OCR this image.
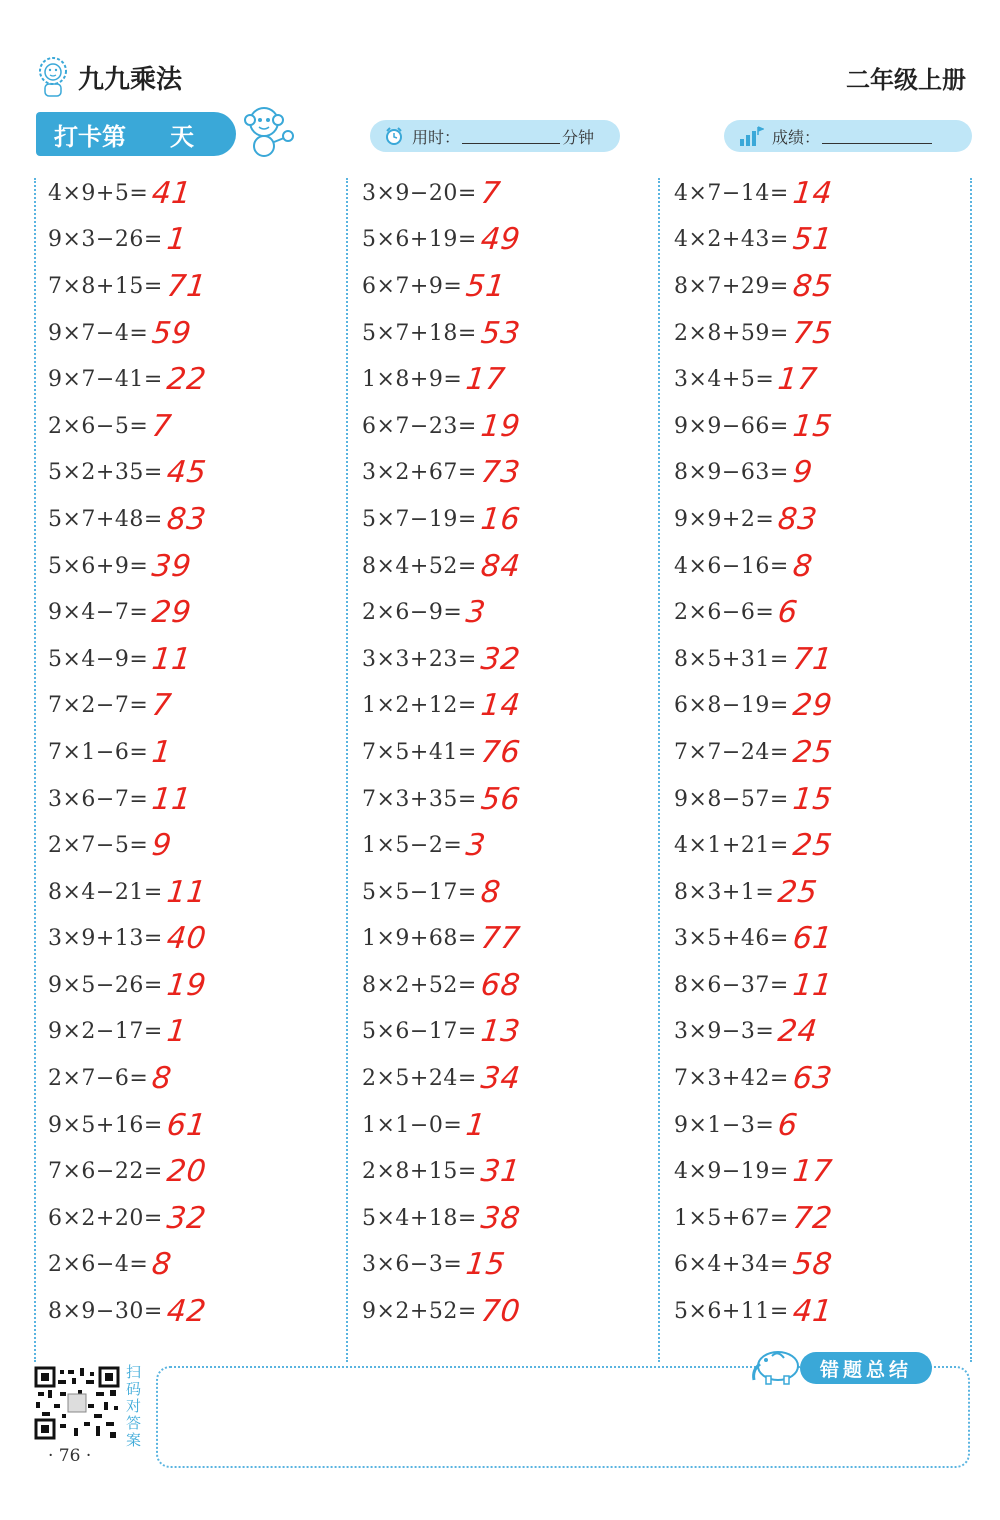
九九乘法	二年级上册
打卡第 天	用时：	分钟	成绩：
4×9+5= 41
9×3−26= 1
7×8+15= 71
9×7−4= 59
9×7−41= 22
2×6−5= 7
5×2+35= 45
5×7+48= 83
5×6+9= 39
9×4−7= 29
5×4−9= 11
7×2−7= 7
7×1−6= 1
3×6−7= 11
2×7−5= 9
8×4−21= 11
3×9+13= 40
9×5−26= 19
9×2−17= 1
2×7−6= 8
9×5+16= 61
7×6−22= 20
6×2+20= 32
2×6−4= 8
8×9−30= 42
3×9−20= 7
5×6+19= 49
6×7+9= 51
5×7+18= 53
1×8+9= 17
6×7−23= 19
3×2+67= 73
5×7−19= 16
8×4+52= 84
2×6−9= 3
3×3+23= 32
1×2+12= 14
7×5+41= 76
7×3+35= 56
1×5−2= 3
5×5−17= 8
1×9+68= 77
8×2+52= 68
5×6−17= 13
2×5+24= 34
1×1−0= 1
2×8+15= 31
5×4+18= 38
3×6−3= 15
9×2+52= 70
4×7−14= 14
4×2+43= 51
8×7+29= 85
2×8+59= 75
3×4+5= 17
9×9−66= 15
8×9−63= 9
9×9+2= 83
4×6−16= 8
2×6−6= 6
8×5+31= 71
6×8−19= 29
7×7−24= 25
9×8−57= 15
4×1+21= 25
8×3+1= 25
3×5+46= 61
8×6−37= 11
3×9−3= 24
7×3+42= 63
9×1−3= 6
4×9−19= 17
1×5+67= 72
6×4+34= 58
5×6+11= 41
扫码对答案
· 76 ·
错题总结
